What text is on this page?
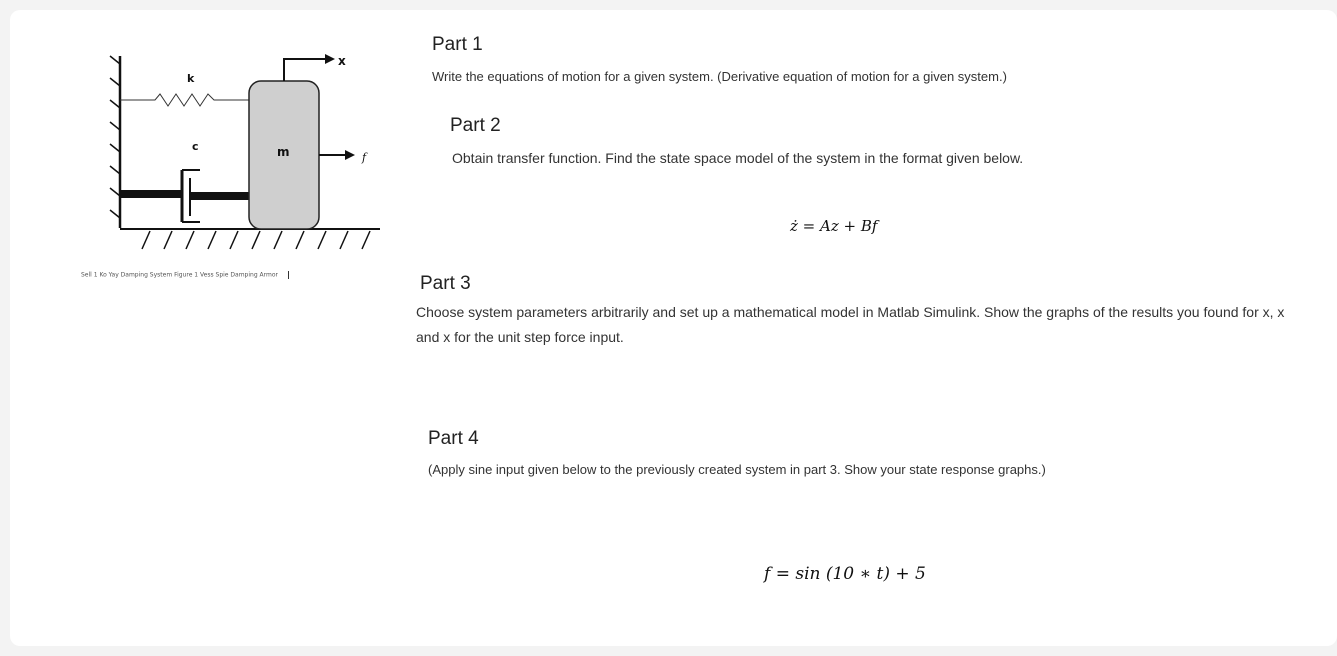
k
c	m
x
f
Sell 1 Ko Yay Damping System Figure 1 Vess Spie Damping Armor
Part 1

Write the equations of motion for a given system. (Derivative equation of motion for a given system.)

Part 2

Obtain transfer function. Find the state space model of the system in the format given below.

ż = Az + Bf
Part 3

Choose system parameters arbitrarily and set up a mathematical model in Matlab Simulink. Show the graphs of the results you found for x, x and x for the unit step force input.

Part 4

(Apply sine input given below to the previously created system in part 3. Show your state response graphs.)

f = sin (10 ∗ t) + 5
